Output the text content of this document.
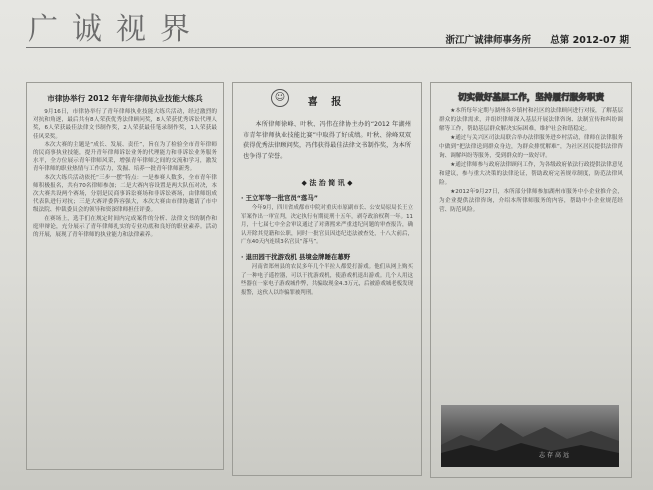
广诚视界	浙江广诚律师事务所 总第 2012-07 期
市律协举行 2012 年青年律师执业技能大练兵

9月16日，市律协举行了青年律师执业技能大练兵活动，经过激烈的对抗和角逐，最后共有8人荣获优秀法律顾问奖，8人荣获优秀诉讼代理人奖，6人荣获最佳法律文书制作奖，2人荣获最佳笔录制作奖，1人荣获最佳风采奖。

本次大赛的主题是“成长、发展、责任”，旨在为了检验全市青年律师的民商事执业技能，提升青年律师诉讼业务的代理能力和非诉讼业务服务水平，全方位展示青年律师风采，增强青年律师之间的交流和学习，激发青年律师的职业热情与工作活力，发掘、培养一批青年律师新秀。

本次大练兵活动依托“三步一摆”特点：一是参赛人数多，全市青年律师积极报名，共有70名律师参加；二是大赛内容设置是两大队伍对决，本次大赛共设两个赛场，分别是民商事诉讼赛场和非诉讼赛场，由律师组成代表队进行对抗；三是大赛评委阵容强大，本次大赛由市律协邀请了市中级法院、仲裁委员会的领导和资深律师担任评委。

在赛场上，选手们在规定时间内完成案件的分析、法律文书的制作和庭审辩论，充分展示了青年律师扎实的专业功底和良好的职业素养。活动的开展，展现了青年律师的执业能力和法律素养。

☺	喜 报

本所律师徐峰、叶秋、冯伟在律协主办的“2012 年湖州市青年律师执业技能比赛”中取得了好成绩。叶秋、徐峰双双获得优秀法律顾问奖，冯伟获得最佳法律文书制作奖，为本所也争得了荣誉。

◆ 法 治 简 讯 ◆
· 王立军等一批官员“落马”

今年9月，四川省成都市中院对重庆市原副市长、公安局原局长王立军案作出一审宣判，决定执行有期徒刑十五年，剥夺政治权利一年。11月，十七届七中全会审议通过了对薄熙来严重违纪问题的审查报告，确认开除其党籍和公职，同时一批官员因违纪违法被查处，十八大前后，广东40天内连续3名官员“落马”。

· 退田园干扰游戏机 县境金牌睡在幕野

河南省郑州县的农民多年几个半拉人都爱打游戏。他们从网上购买了一种电子遥控器，可以干扰游戏机，使游戏机退出游戏。几个人用这些器在一家电子游戏城作弊，共骗取现金4.3万元，后被游戏城老板发现报警，这伙人以诈骗罪被判刑。

切实做好基层工作，坚持履行服务职责

★本所每年定期与湖州各乡镇村和社区的法律顾问进行对接，了解基层群众的法律需求，并组织律师深入基层开展法律咨询、法制宣传和纠纷调解等工作，帮助基层群众解决实际困难，维护社会和谐稳定。

★通过与关兴区司法局联合举办法律服务进乡村活动，律师在法律服务中做到“把法律送到群众身边，为群众排忧解难”，为社区居民提供法律咨询、调解纠纷等服务，受到群众的一致好评。

★通过律师参与政府法律顾问工作，为各级政府依法行政提供法律意见和建议，参与重大决策的法律论证，帮助政府完善规章制度，防范法律风险。

★2012年9月27日，本所部分律师参加湖州市服务中小企业推介会，为企业提供法律咨询，介绍本所律师服务的内容，帮助中小企业规范经营、防范风险。

志存高远
